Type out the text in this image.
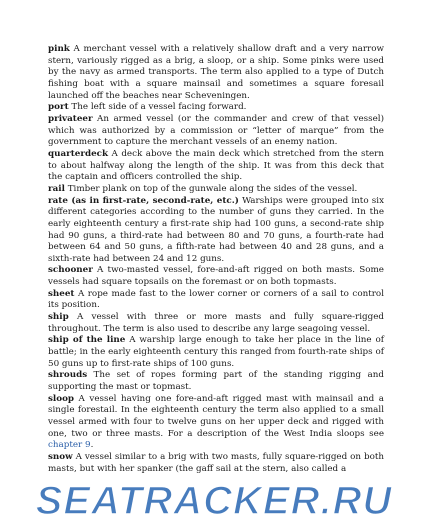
pink A merchant vessel with a relatively shallow draft and a very narrow stern, variously rigged as a brig, a sloop, or a ship. Some pinks were used by the navy as armed transports. The term also applied to a type of Dutch fishing boat with a square mainsail and sometimes a square foresail launched off the beaches near Scheveningen.

port The left side of a vessel facing forward.

privateer An armed vessel (or the commander and crew of that vessel) which was authorized by a commission or “letter of marque” from the government to capture the merchant vessels of an enemy nation.

quarterdeck A deck above the main deck which stretched from the stern to about halfway along the length of the ship. It was from this deck that the captain and officers controlled the ship.

rail Timber plank on top of the gunwale along the sides of the vessel.

rate (as in first-rate, second-rate, etc.) Warships were grouped into six different categories according to the number of guns they carried. In the early eighteenth century a first-rate ship had 100 guns, a second-rate ship had 90 guns, a third-rate had between 80 and 70 guns, a fourth-rate had between 64 and 50 guns, a fifth-rate had between 40 and 28 guns, and a sixth-rate had between 24 and 12 guns.

schooner A two-masted vessel, fore-and-aft rigged on both masts. Some vessels had square topsails on the foremast or on both topmasts.

sheet A rope made fast to the lower corner or corners of a sail to control its position.

ship A vessel with three or more masts and fully square-rigged throughout. The term is also used to describe any large seagoing vessel.

ship of the line A warship large enough to take her place in the line of battle; in the early eighteenth century this ranged from fourth-rate ships of 50 guns up to first-rate ships of 100 guns.

shrouds The set of ropes forming part of the standing rigging and supporting the mast or topmast.

sloop A vessel having one fore-and-aft rigged mast with mainsail and a single forestail. In the eighteenth century the term also applied to a small vessel armed with four to twelve guns on her upper deck and rigged with one, two or three masts. For a description of the West India sloops see chapter 9.

snow A vessel similar to a brig with two masts, fully square-rigged on both masts, but with her spanker (the gaff sail at the stern, also called a

SEATRACKER.RU
